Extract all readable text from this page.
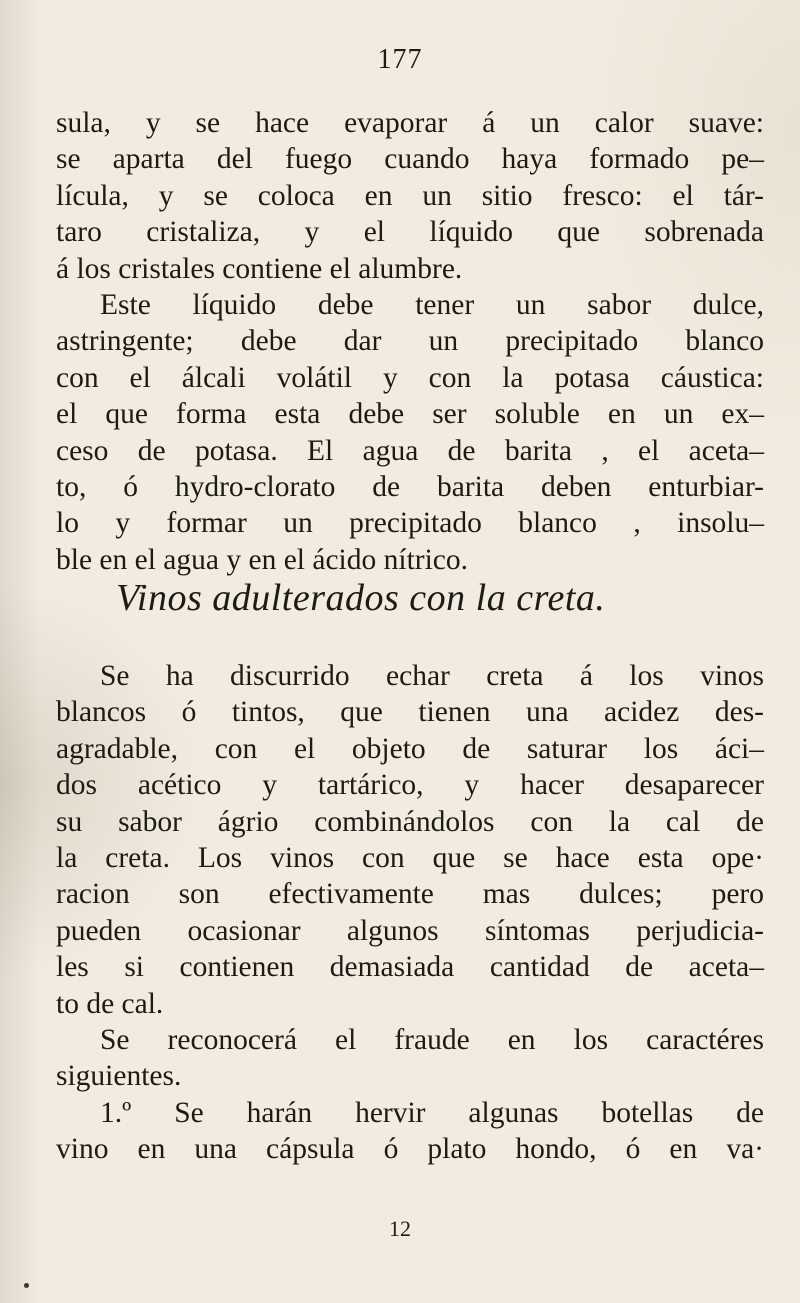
177
sula, y se hace evaporar á un calor suave:
se aparta del fuego cuando haya formado pe–
lícula, y se coloca en un sitio fresco: el tár-
taro cristaliza, y el líquido que sobrenada
á los cristales contiene el alumbre.
Este líquido debe tener un sabor dulce,
astringente; debe dar un precipitado blanco
con el álcali volátil y con la potasa cáustica:
el que forma esta debe ser soluble en un ex–
ceso de potasa. El agua de barita , el aceta–
to, ó hydro-clorato de barita deben enturbiar-
lo y formar un precipitado blanco , insolu–
ble en el agua y en el ácido nítrico.
Vinos adulterados con la creta.
Se ha discurrido echar creta á los vinos
blancos ó tintos, que tienen una acidez des-
agradable, con el objeto de saturar los áci–
dos acético y tartárico, y hacer desaparecer
su sabor ágrio combinándolos con la cal de
la creta. Los vinos con que se hace esta ope·
racion son efectivamente mas dulces; pero
pueden ocasionar algunos síntomas perjudicia-
les si contienen demasiada cantidad de aceta–
to de cal.
Se reconocerá el fraude en los caractéres
siguientes.
1.º Se harán hervir algunas botellas de
vino en una cápsula ó plato hondo, ó en va·
12
